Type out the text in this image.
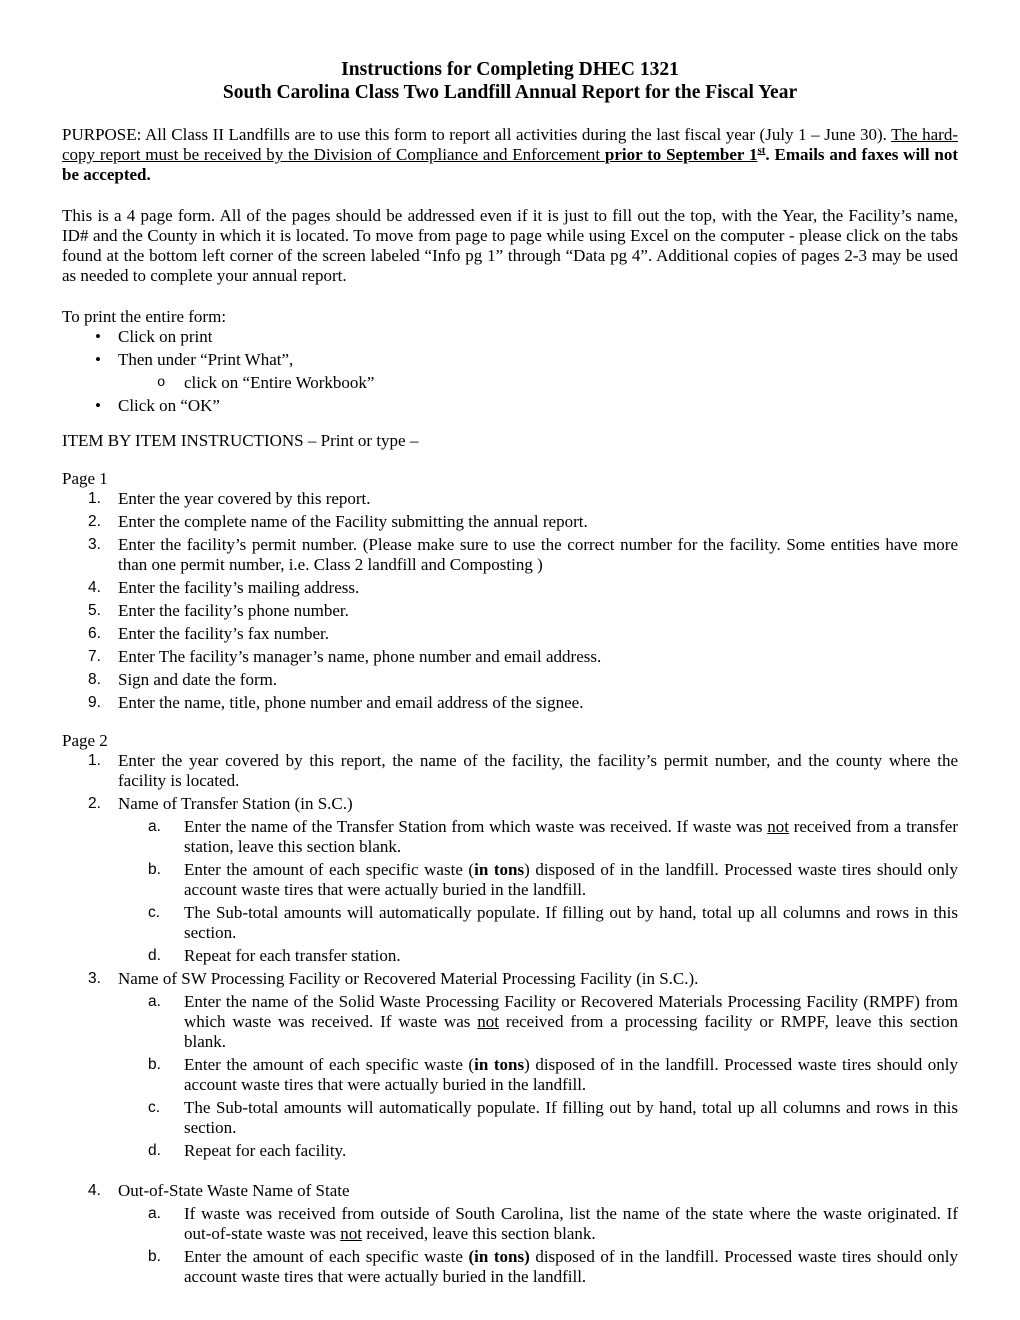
Instructions for Completing DHEC 1321

South Carolina Class Two Landfill Annual Report for the Fiscal Year

PURPOSE: All Class II Landfills are to use this form to report all activities during the last fiscal year (July 1 – June 30). The hard-copy report must be received by the Division of Compliance and Enforcement prior to September 1st. Emails and faxes will not be accepted.

This is a 4 page form. All of the pages should be addressed even if it is just to fill out the top, with the Year, the Facility’s name, ID# and the County in which it is located. To move from page to page while using Excel on the computer - please click on the tabs found at the bottom left corner of the screen labeled “Info pg 1” through “Data pg 4”. Additional copies of pages 2-3 may be used as needed to complete your annual report.

To print the entire form:

•	Click on print
•	Then under “Print What”,
o	click on “Entire Workbook”
•	Click on “OK”

ITEM BY ITEM INSTRUCTIONS – Print or type –

Page 1

1.	Enter the year covered by this report.
2.	Enter the complete name of the Facility submitting the annual report.
3.	Enter the facility’s permit number. (Please make sure to use the correct number for the facility. Some entities have more than one permit number, i.e. Class 2 landfill and Composting )
4.	Enter the facility’s mailing address.
5.	Enter the facility’s phone number.
6.	Enter the facility’s fax number.
7.	Enter The facility’s manager’s name, phone number and email address.
8.	Sign and date the form.
9.	Enter the name, title, phone number and email address of the signee.

Page 2

1.	Enter the year covered by this report, the name of the facility, the facility’s permit number, and the county where the facility is located.
2.	Name of Transfer Station (in S.C.)
a.	Enter the name of the Transfer Station from which waste was received. If waste was not received from a transfer station, leave this section blank.
b.	Enter the amount of each specific waste (in tons) disposed of in the landfill. Processed waste tires should only account waste tires that were actually buried in the landfill.
c.	The Sub-total amounts will automatically populate. If filling out by hand, total up all columns and rows in this section.
d.	Repeat for each transfer station.
3.	Name of SW Processing Facility or Recovered Material Processing Facility (in S.C.).
a.	Enter the name of the Solid Waste Processing Facility or Recovered Materials Processing Facility (RMPF) from which waste was received. If waste was not received from a processing facility or RMPF, leave this section blank.
b.	Enter the amount of each specific waste (in tons) disposed of in the landfill. Processed waste tires should only account waste tires that were actually buried in the landfill.
c.	The Sub-total amounts will automatically populate. If filling out by hand, total up all columns and rows in this section.
d.	Repeat for each facility.
4.	Out-of-State Waste Name of State
a.	If waste was received from outside of South Carolina, list the name of the state where the waste originated. If out-of-state waste was not received, leave this section blank.
b.	Enter the amount of each specific waste (in tons) disposed of in the landfill. Processed waste tires should only account waste tires that were actually buried in the landfill.
